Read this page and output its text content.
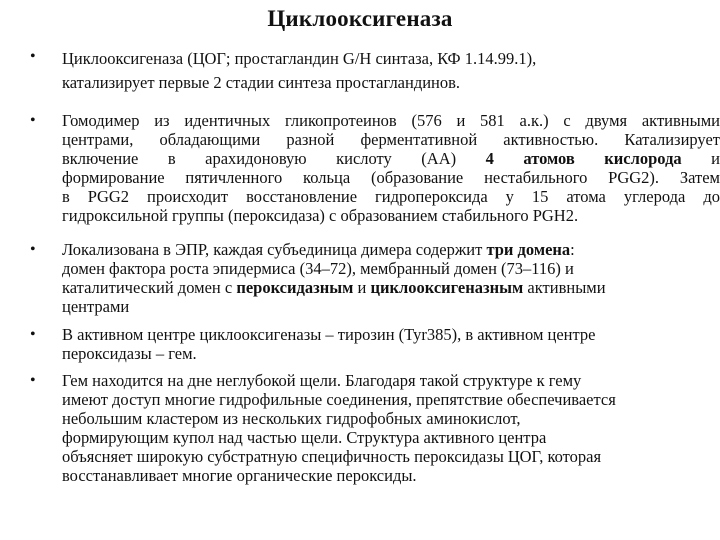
Циклооксигеназа
• Циклооксигеназа (ЦОГ; простагландин G/H синтаза, КФ 1.14.99.1),
катализирует первые 2 стадии синтеза простагландинов.
• Гомодимер из идентичных гликопротеинов (576 и 581 а.к.) с двумя активными
центрами, обладающими разной ферментативной активностью. Катализирует
включение в арахидоновую кислоту (АА) 4 атомов кислорода и
формирование пятичленного кольца (образование нестабильного PGG2). Затем
в PGG2 происходит восстановление гидропероксида у 15 атома углерода до
гидроксильной группы (пероксидаза) с образованием стабильного PGH2.
• Локализована в ЭПР, каждая субъединица димера содержит три домена:
домен фактора роста эпидермиса (34–72), мембранный домен (73–116) и
каталитический домен с пероксидазным и циклооксигеназным активными
центрами
• В активном центре циклооксигеназы – тирозин (Tyr385), в активном центре
пероксидазы – гем.
• Гем находится на дне неглубокой щели. Благодаря такой структуре к гему
имеют доступ многие гидрофильные соединения, препятствие обеспечивается
небольшим кластером из нескольких гидрофобных аминокислот,
формирующим купол над частью щели. Структура активного центра
объясняет широкую субстратную специфичность пероксидазы ЦОГ, которая
восстанавливает многие органические пероксиды.
